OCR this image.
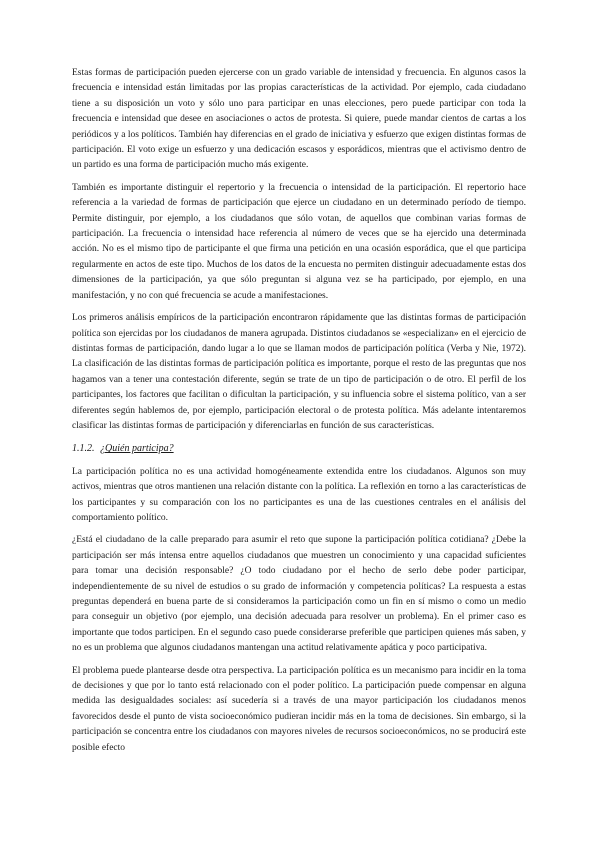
Estas formas de participación pueden ejercerse con un grado variable de intensidad y frecuencia. En algunos casos la frecuencia e intensidad están limitadas por las propias características de la actividad. Por ejemplo, cada ciudadano tiene a su disposición un voto y sólo uno para participar en unas elecciones, pero puede participar con toda la frecuencia e intensidad que desee en asociaciones o actos de protesta. Si quiere, puede mandar cientos de cartas a los periódicos y a los políticos. También hay diferencias en el grado de iniciativa y esfuerzo que exigen distintas formas de participación. El voto exige un esfuerzo y una dedicación escasos y esporádicos, mientras que el activismo dentro de un partido es una forma de participación mucho más exigente.

También es importante distinguir el repertorio y la frecuencia o intensidad de la participación. El repertorio hace referencia a la variedad de formas de participación que ejerce un ciudadano en un determinado período de tiempo. Permite distinguir, por ejemplo, a los ciudadanos que sólo votan, de aquellos que combinan varias formas de participación. La frecuencia o intensidad hace referencia al número de veces que se ha ejercido una determinada acción. No es el mismo tipo de participante el que firma una petición en una ocasión esporádica, que el que participa regularmente en actos de este tipo. Muchos de los datos de la encuesta no permiten distinguir adecuadamente estas dos dimensiones de la participación, ya que sólo preguntan si alguna vez se ha participado, por ejemplo, en una manifestación, y no con qué frecuencia se acude a manifestaciones.

Los primeros análisis empíricos de la participación encontraron rápidamente que las distintas formas de participación política son ejercidas por los ciudadanos de manera agrupada. Distintos ciudadanos se «especializan» en el ejercicio de distintas formas de participación, dando lugar a lo que se llaman modos de participación política (Verba y Nie, 1972). La clasificación de las distintas formas de participación política es importante, porque el resto de las preguntas que nos hagamos van a tener una contestación diferente, según se trate de un tipo de participación o de otro. El perfil de los participantes, los factores que facilitan o dificultan la participación, y su influencia sobre el sistema político, van a ser diferentes según hablemos de, por ejemplo, participación electoral o de protesta política. Más adelante intentaremos clasificar las distintas formas de participación y diferenciarlas en función de sus características.

1.1.2. ¿Quién participa?

La participación política no es una actividad homogéneamente extendida entre los ciudadanos. Algunos son muy activos, mientras que otros mantienen una relación distante con la política. La reflexión en torno a las características de los participantes y su comparación con los no participantes es una de las cuestiones centrales en el análisis del comportamiento político.

¿Está el ciudadano de la calle preparado para asumir el reto que supone la participación política cotidiana? ¿Debe la participación ser más intensa entre aquellos ciudadanos que muestren un conocimiento y una capacidad suficientes para tomar una decisión responsable? ¿O todo ciudadano por el hecho de serlo debe poder participar, independientemente de su nivel de estudios o su grado de información y competencia políticas? La respuesta a estas preguntas dependerá en buena parte de si consideramos la participación como un fin en sí mismo o como un medio para conseguir un objetivo (por ejemplo, una decisión adecuada para resolver un problema). En el primer caso es importante que todos participen. En el segundo caso puede considerarse preferible que participen quienes más saben, y no es un problema que algunos ciudadanos mantengan una actitud relativamente apática y poco participativa.

El problema puede plantearse desde otra perspectiva. La participación política es un mecanismo para incidir en la toma de decisiones y que por lo tanto está relacionado con el poder político. La participación puede compensar en alguna medida las desigualdades sociales: así sucedería si a través de una mayor participación los ciudadanos menos favorecidos desde el punto de vista socioeconómico pudieran incidir más en la toma de decisiones. Sin embargo, si la participación se concentra entre los ciudadanos con mayores niveles de recursos socioeconómicos, no se producirá este posible efecto
